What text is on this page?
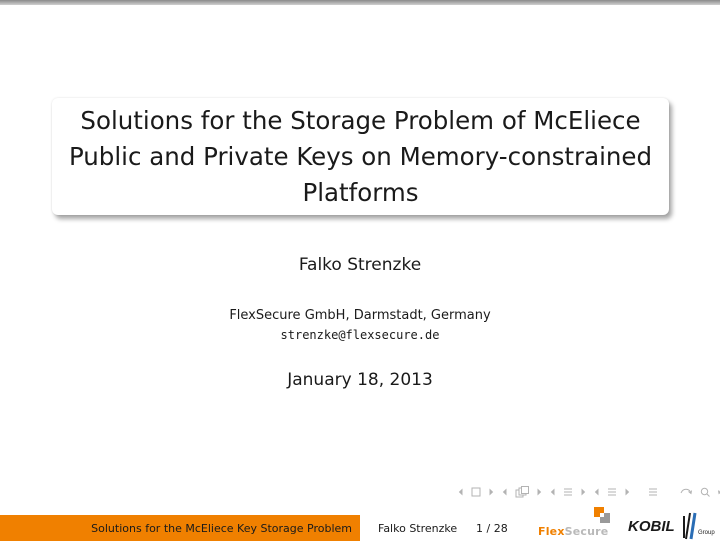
Solutions for the Storage Problem of McEliece
Public and Private Keys on Memory-constrained
Platforms
Falko Strenzke
FlexSecure GmbH, Darmstadt, Germany
strenzke@flexsecure.de
January 18, 2013
Solutions for the McEliece Key Storage Problem Falko Strenzke 1 / 28	FlexSecure KOBIL	Group
